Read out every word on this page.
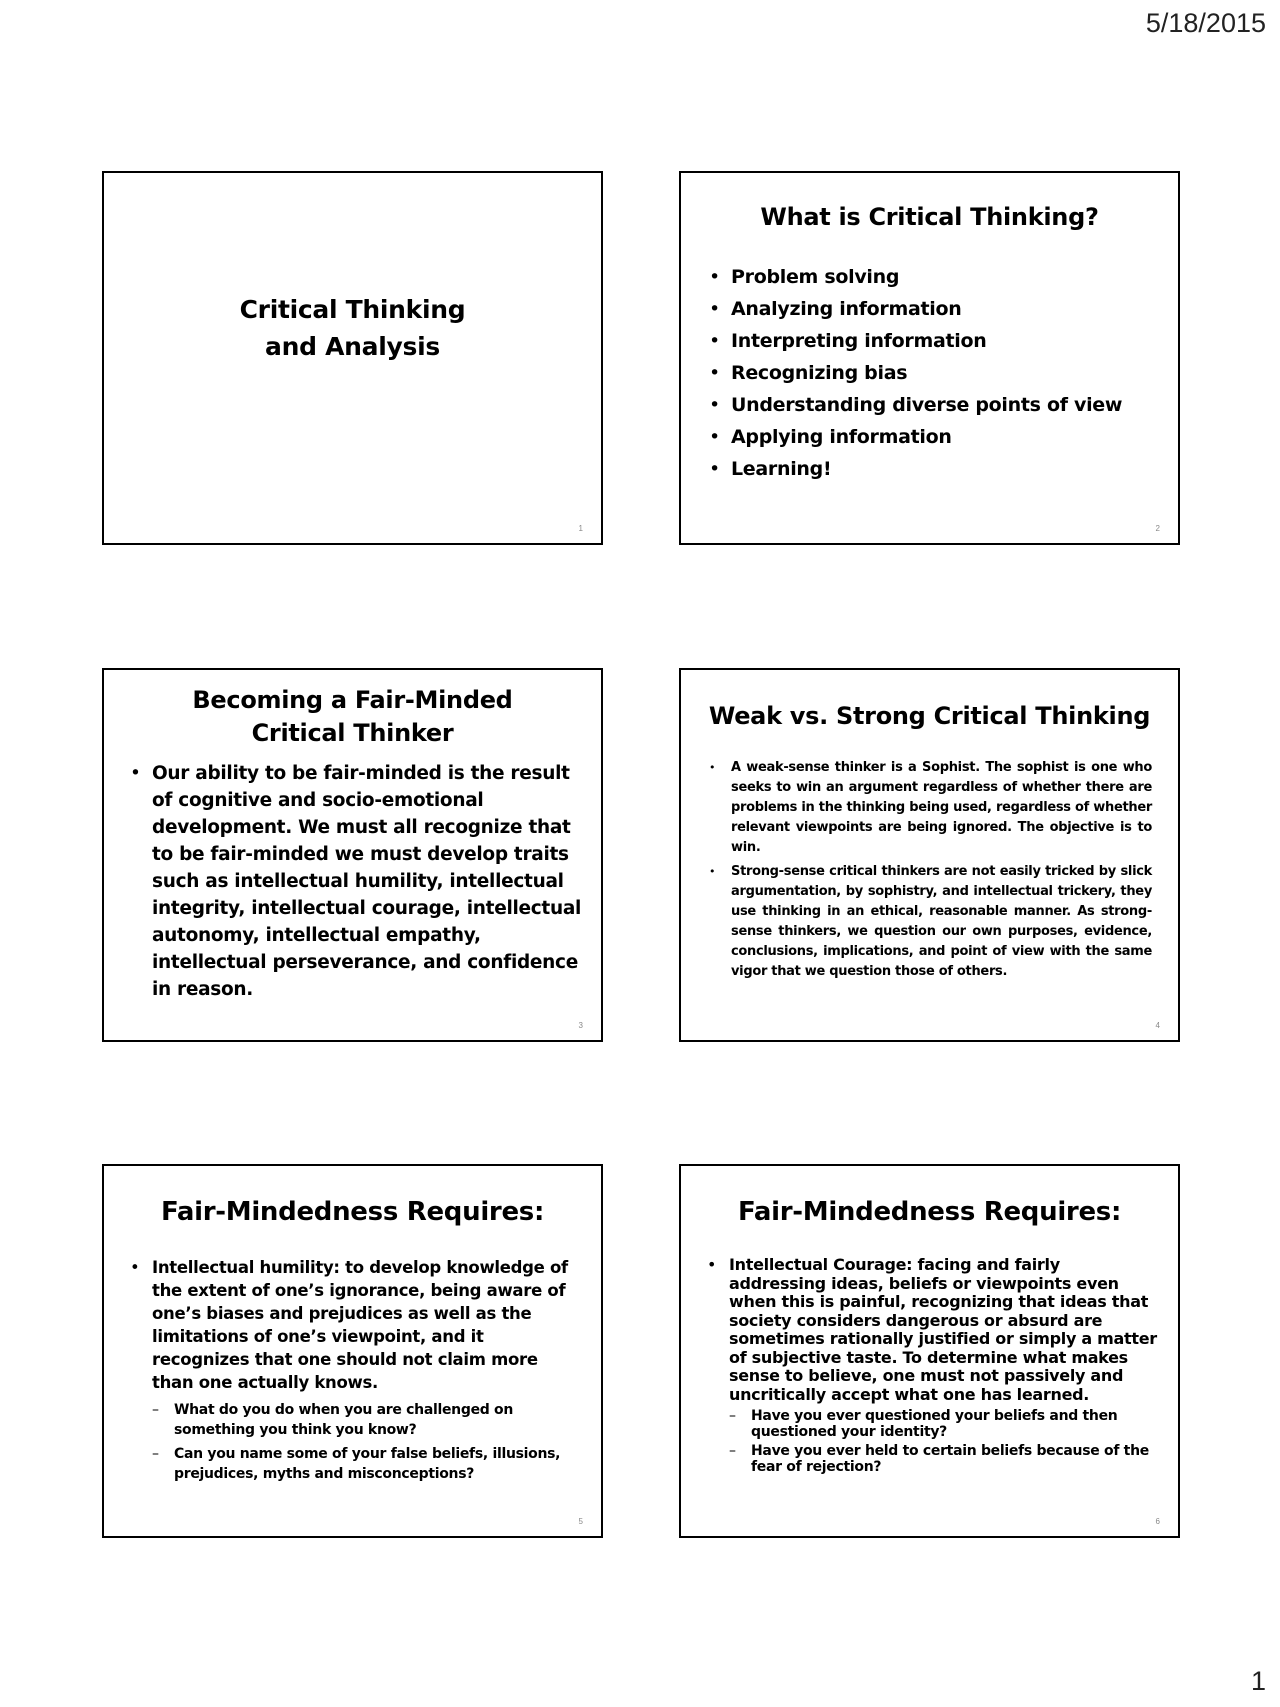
5/18/2015
Critical Thinking
and Analysis
1
What is Critical Thinking?
• Problem solving
• Analyzing information
• Interpreting information
• Recognizing bias
• Understanding diverse points of view
• Applying information
• Learning!
2
Becoming a Fair-Minded
Critical Thinker
• Our ability to be fair-minded is the result of cognitive and socio-emotional development. We must all recognize that to be fair-minded we must develop traits such as intellectual humility, intellectual integrity, intellectual courage, intellectual autonomy, intellectual empathy, intellectual perseverance, and confidence in reason.
3
Weak vs. Strong Critical Thinking
• A weak-sense thinker is a Sophist. The sophist is one who seeks to win an argument regardless of whether there are problems in the thinking being used, regardless of whether relevant viewpoints are being ignored. The objective is to win.
• Strong-sense critical thinkers are not easily tricked by slick argumentation, by sophistry, and intellectual trickery, they use thinking in an ethical, reasonable manner. As strong-sense thinkers, we question our own purposes, evidence, conclusions, implications, and point of view with the same vigor that we question those of others.
4
Fair-Mindedness Requires:
• Intellectual humility: to develop knowledge of the extent of one’s ignorance, being aware of one’s biases and prejudices as well as the limitations of one’s viewpoint, and it recognizes that one should not claim more than one actually knows.
– What do you do when you are challenged on something you think you know?
– Can you name some of your false beliefs, illusions, prejudices, myths and misconceptions?
5
Fair-Mindedness Requires:
• Intellectual Courage: facing and fairly addressing ideas, beliefs or viewpoints even when this is painful, recognizing that ideas that society considers dangerous or absurd are sometimes rationally justified or simply a matter of subjective taste. To determine what makes sense to believe, one must not passively and uncritically accept what one has learned.
– Have you ever questioned your beliefs and then questioned your identity?
– Have you ever held to certain beliefs because of the fear of rejection?
6
1
